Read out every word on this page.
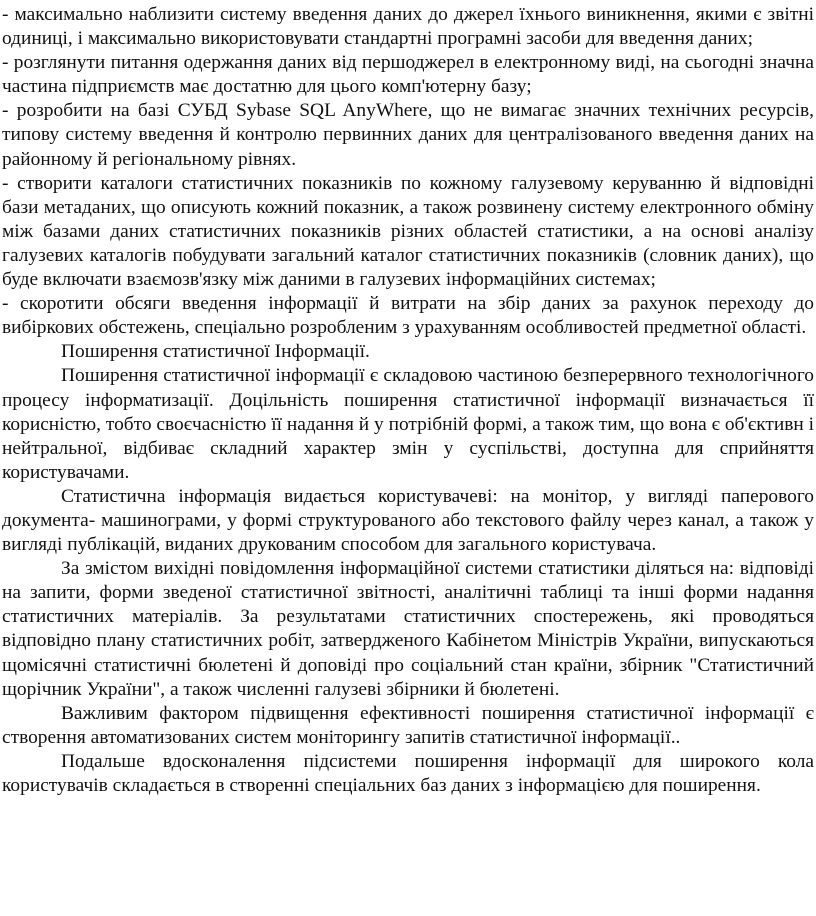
- максимально наблизити систему введення даних до джерел їхнього виникнення, якими є звітні одиниці, і максимально використовувати стандартні програмні засоби для введення даних;

- розглянути питання одержання даних від першоджерел в електронному виді, на сьогодні значна частина підприємств має достатню для цього комп'ютерну базу;

- розробити на базі СУБД Sybase SQL AnyWhere, що не вимагає значних технічних ресурсів, типову систему введення й контролю первинних даних для централізованого введення даних на районному й регіональному рівнях.

- створити каталоги статистичних показників по кожному галузевому керуванню й відповідні бази метаданих, що описують кожний показник, а також розвинену систему електронного обміну між базами даних статистичних показників різних областей статистики, а на основі аналізу галузевих каталогів побудувати загальний каталог статистичних показників (словник даних), що буде включати взаємозв'язку між даними в галузевих інформаційних системах;

- скоротити обсяги введення інформації й витрати на збір даних за рахунок переходу до вибіркових обстежень, спеціально розробленим з урахуванням особливостей предметної області.

Поширення статистичної Інформації.

Поширення статистичної інформації є складовою частиною безперервного технологічного процесу інформатизації. Доцільність поширення статистичної інформації визначається її корисністю, тобто своєчасністю її надання й у потрібній формі, а також тим, що вона є об'єктивн і нейтральної, відбиває складний характер змін у суспільстві, доступна для сприйняття користувачами.

Статистична інформація видається користувачеві: на монітор, у вигляді паперового документа- машинограми, у формі структурованого або текстового файлу через канал, а також у вигляді публікацій, виданих друкованим способом для загального користувача.

За змістом вихідні повідомлення інформаційної системи статистики діляться на: відповіді на запити, форми зведеної статистичної звітності, аналітичні таблиці та інші форми надання статистичних матеріалів. За результатами статистичних спостережень, які проводяться відповідно плану статистичних робіт, затвердженого Кабінетом Міністрів України, випускаються щомісячні статистичні бюлетені й доповіді про соціальний стан країни, збірник "Статистичний щорічник України", а також численні галузеві збірники й бюлетені.

Важливим фактором підвищення ефективності поширення статистичної інформації є створення автоматизованих систем моніторингу запитів статистичної інформації..

Подальше вдосконалення підсистеми поширення інформації для широкого кола користувачів складається в створенні спеціальних баз даних з інформацією для поширення.
